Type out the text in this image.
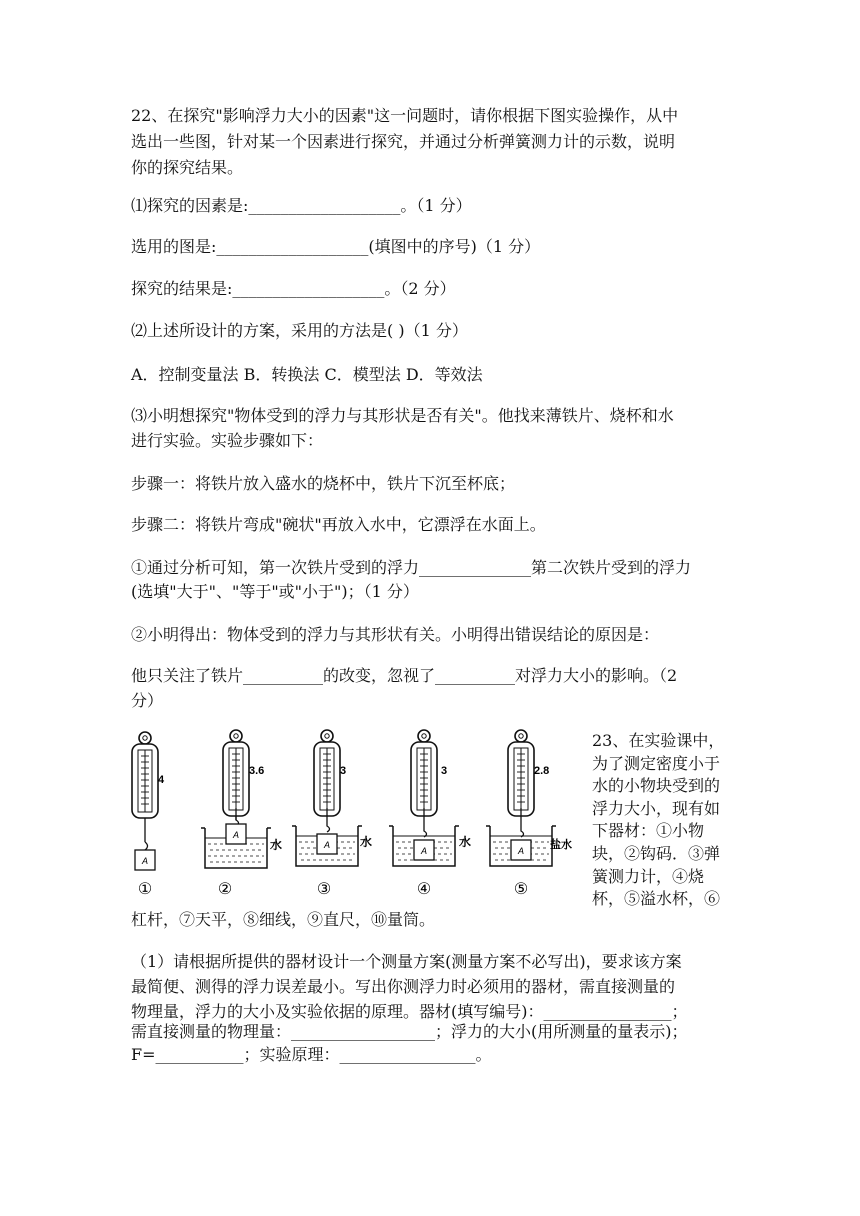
22、在探究"影响浮力大小的因素"这一问题时，请你根据下图实验操作，从中
选出一些图，针对某一个因素进行探究，并通过分析弹簧测力计的示数，说明
你的探究结果。
⑴探究的因素是:___________________。（1 分）
选用的图是:___________________(填图中的序号)（1 分）
探究的结果是:___________________。（2 分）
⑵上述所设计的方案，采用的方法是( )（1 分）
A．控制变量法 B．转换法 C．模型法 D．等效法
⑶小明想探究"物体受到的浮力与其形状是否有关"。他找来薄铁片、烧杯和水
进行实验。实验步骤如下：
步骤一：将铁片放入盛水的烧杯中，铁片下沉至杯底；
步骤二：将铁片弯成"碗状"再放入水中，它漂浮在水面上。
①通过分析可知，第一次铁片受到的浮力______________第二次铁片受到的浮力
(选填"大于"、"等于"或"小于")；（1 分）
②小明得出：物体受到的浮力与其形状有关。小明得出错误结论的原因是：
他只关注了铁片__________的改变，忽视了__________对浮力大小的影响。（2
分）
A
4
①
A
3.6
水
②
A
3
水
③
A
3
水
④
A
2.8
盐水
⑤
23、在实验课中，
为了测定密度小于
水的小物块受到的
浮力大小，现有如
下器材：①小物
块，②钩码．③弹
簧测力计，④烧
杯，⑤溢水杯，⑥
杠杆，⑦天平，⑧细线，⑨直尺，⑩量筒。
（1）请根据所提供的器材设计一个测量方案(测量方案不必写出)，要求该方案
最简便、测得的浮力误差最小。写出你测浮力时必须用的器材，需直接测量的
物理量，浮力的大小及实验依据的原理。器材(填写编号)：________________；
需直接测量的物理量：__________________；浮力的大小(用所测量的量表示)；
F=___________；实验原理：_________________。
